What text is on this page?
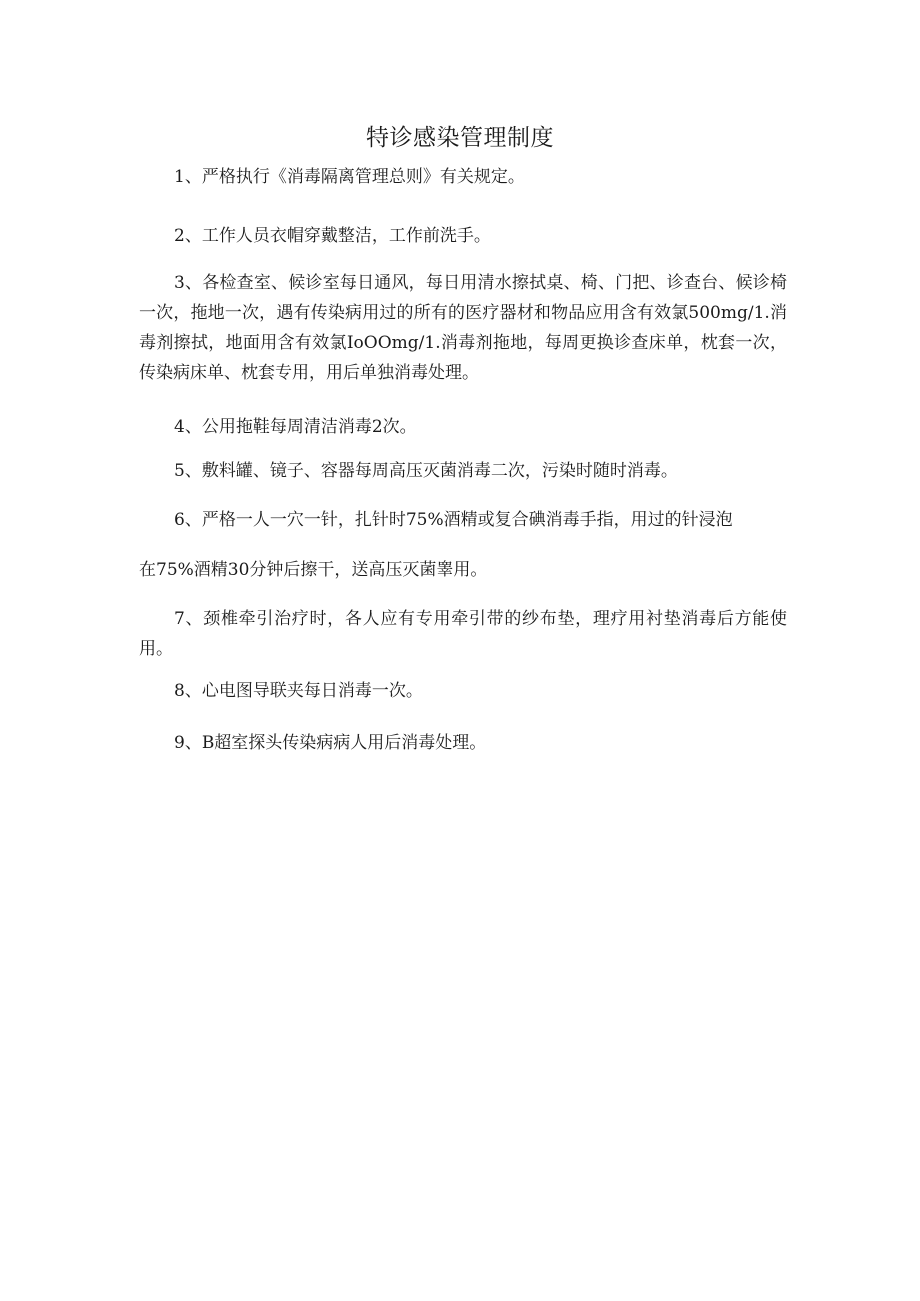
特诊感染管理制度

1、严格执行《消毒隔离管理总则》有关规定。

2、工作人员衣帽穿戴整洁，工作前洗手。

3、各检查室、候诊室每日通风，每日用清水擦拭桌、椅、门把、诊查台、候诊椅一次，拖地一次，遇有传染病用过的所有的医疗器材和物品应用含有效氯500mg∕1.消毒剂擦拭，地面用含有效氯IoOOmg/1.消毒剂拖地，每周更换诊查床单，枕套一次，传染病床单、枕套专用，用后单独消毒处理。

4、公用拖鞋每周清洁消毒2次。

5、敷料罐、镜子、容器每周高压灭菌消毒二次，污染时随时消毒。

6、严格一人一穴一针，扎针时75%酒精或复合碘消毒手指，用过的针浸泡

在75%酒精30分钟后擦干，送高压灭菌睾用。

7、颈椎牵引治疗时，各人应有专用牵引带的纱布垫，理疗用衬垫消毒后方能使用。

8、心电图导联夹每日消毒一次。

9、B超室探头传染病病人用后消毒处理。
